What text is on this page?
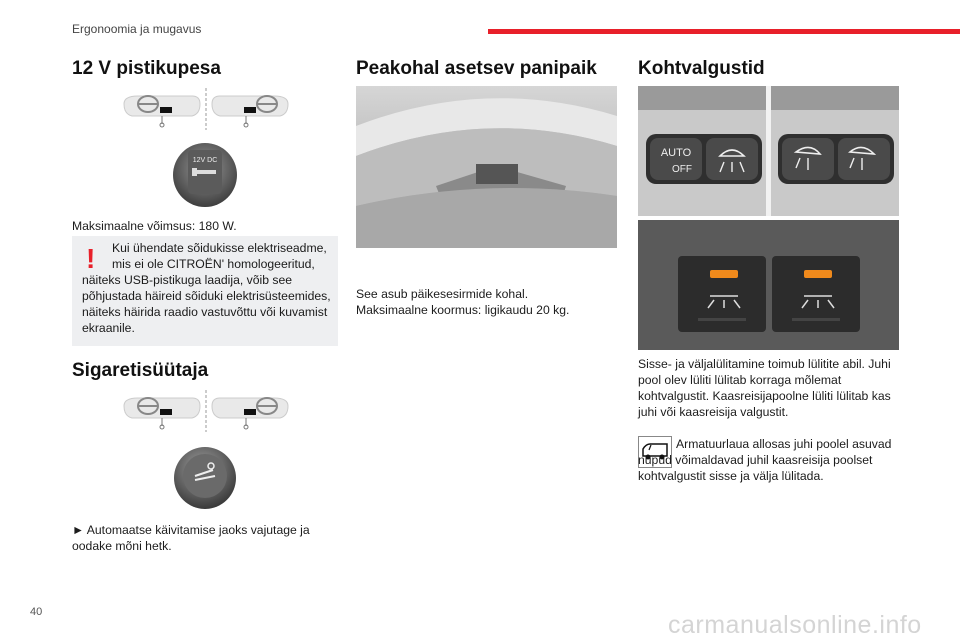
Ergonoomia ja mugavus
12 V pistikupesa
12V DC
Maksimaalne võimsus: 180 W.
!	Kui ühendate sõidukisse elektriseadme,
mis ei ole CITROËN' homologeeritud,
näiteks USB-pistikuga laadija, võib see põhjustada häireid sõiduki elektrisüsteemides, näiteks häirida raadio vastuvõttu või kuvamist ekraanile.
Sigaretisüütaja
► Automaatse käivitamise jaoks vajutage ja oodake mõni hetk.
Peakohal asetsev panipaik
See asub päikesesirmide kohal.
Maksimaalne koormus: ligikaudu 20 kg.
Kohtvalgustid
AUTO
OFF
Sisse- ja väljalülitamine toimub lülitite abil. Juhi pool olev lüliti lülitab korraga mõlemat kohtvalgustit. Kaasreisijapoolne lüliti lülitab kas juhi või kaasreisija valgustit.
Armatuurlaua allosas juhi poolel asuvad nupud võimaldavad juhil kaasreisija poolset kohtvalgustit sisse ja välja lülitada.
40	carmanualsonline.info
